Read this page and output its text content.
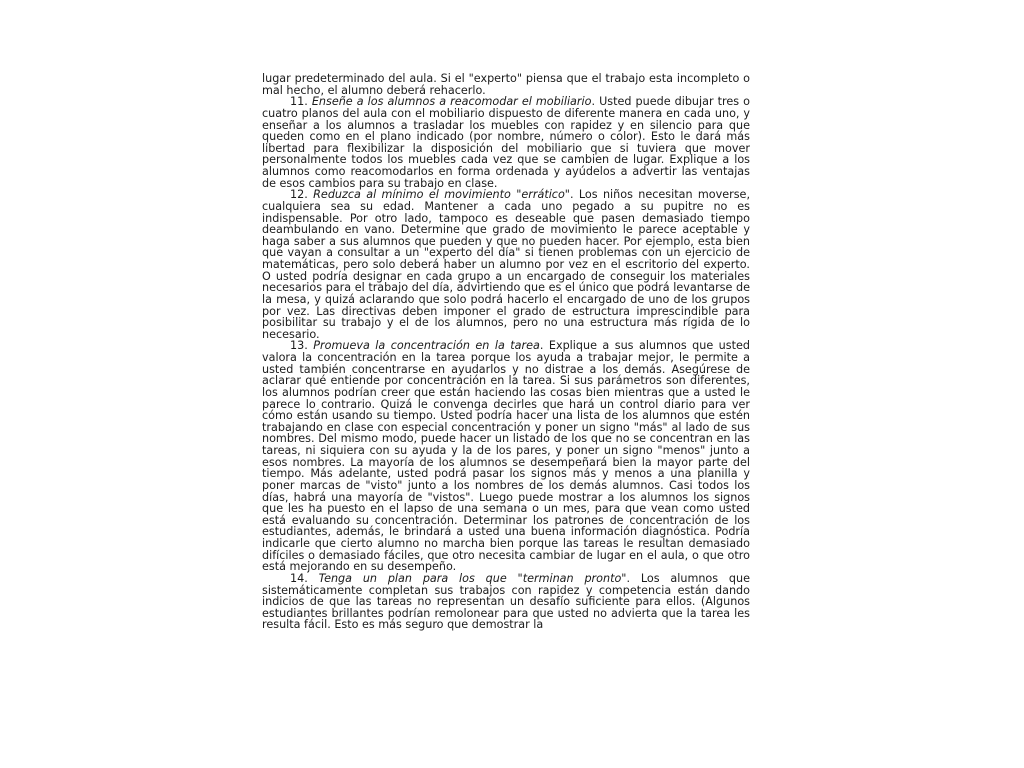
lugar predeterminado del aula. Si el "experto" piensa que el trabajo esta incompleto o mal hecho, el alumno deberá rehacerlo.

11. Enseñe a los alumnos a reacomodar el mobiliario. Usted puede dibujar tres o cuatro planos del aula con el mobiliario dispuesto de diferente manera en cada uno, y enseñar a los alumnos a trasladar los muebles con rapidez y en silencio para que queden como en el plano indicado (por nombre, número o color). Esto le dará más libertad para flexibilizar la disposición del mobiliario que si tuviera que mover personalmente todos los muebles cada vez que se cambien de lugar. Explique a los alumnos como reacomodarlos en forma ordenada y ayúdelos a advertir las ventajas de esos cambios para su trabajo en clase.

12. Reduzca al mínimo el movimiento "errático". Los niños necesitan moverse, cualquiera sea su edad. Mantener a cada uno pegado a su pupitre no es indispensable. Por otro lado, tampoco es deseable que pasen demasiado tiempo deambulando en vano. Determine que grado de movimiento le parece aceptable y haga saber a sus alumnos que pueden y que no pueden hacer. Por ejemplo, esta bien que vayan a consultar a un "experto del día" si tienen problemas con un ejercicio de matemáticas, pero solo deberá haber un alumno por vez en el escritorio del experto. O usted podría designar en cada grupo a un encargado de conseguir los materiales necesarios para el trabajo del día, advirtiendo que es el único que podrá levantarse de la mesa, y quizá aclarando que solo podrá hacerlo el encargado de uno de los grupos por vez. Las directivas deben imponer el grado de estructura imprescindible para posibilitar su trabajo y el de los alumnos, pero no una estructura más rígida de lo necesario.

13. Promueva la concentración en la tarea. Explique a sus alumnos que usted valora la concentración en la tarea porque los ayuda a trabajar mejor, le permite a usted también concentrarse en ayudarlos y no distrae a los demás. Asegúrese de aclarar qué entiende por concentración en la tarea. Si sus parámetros son diferentes, los alumnos podrían creer que están haciendo las cosas bien mientras que a usted le parece lo contrario. Quizá le convenga decirles que hará un control diario para ver cómo están usando su tiempo. Usted podría hacer una lista de los alumnos que estén trabajando en clase con especial concentración y poner un signo "más" al lado de sus nombres. Del mismo modo, puede hacer un listado de los que no se concentran en las tareas, ni siquiera con su ayuda y la de los pares, y poner un signo "menos" junto a esos nombres. La mayoría de los alumnos se desempeñará bien la mayor parte del tiempo. Más adelante, usted podrá pasar los signos más y menos a una planilla y poner marcas de "visto" junto a los nombres de los demás alumnos. Casi todos los días, habrá una mayoría de "vistos". Luego puede mostrar a los alumnos los signos que les ha puesto en el lapso de una semana o un mes, para que vean como usted está evaluando su concentración. Determinar los patrones de concentración de los estudiantes, además, le brindará a usted una buena información diagnóstica. Podría indicarle que cierto alumno no marcha bien porque las tareas le resultan demasiado difíciles o demasiado fáciles, que otro necesita cambiar de lugar en el aula, o que otro está mejorando en su desempeño.

14. Tenga un plan para los que "terminan pronto". Los alumnos que sistemáticamente completan sus trabajos con rapidez y competencia están dando indicios de que las tareas no representan un desafío suficiente para ellos. (Algunos estudiantes brillantes podrían remolonear para que usted no advierta que la tarea les resulta fácil. Esto es más seguro que demostrar la
